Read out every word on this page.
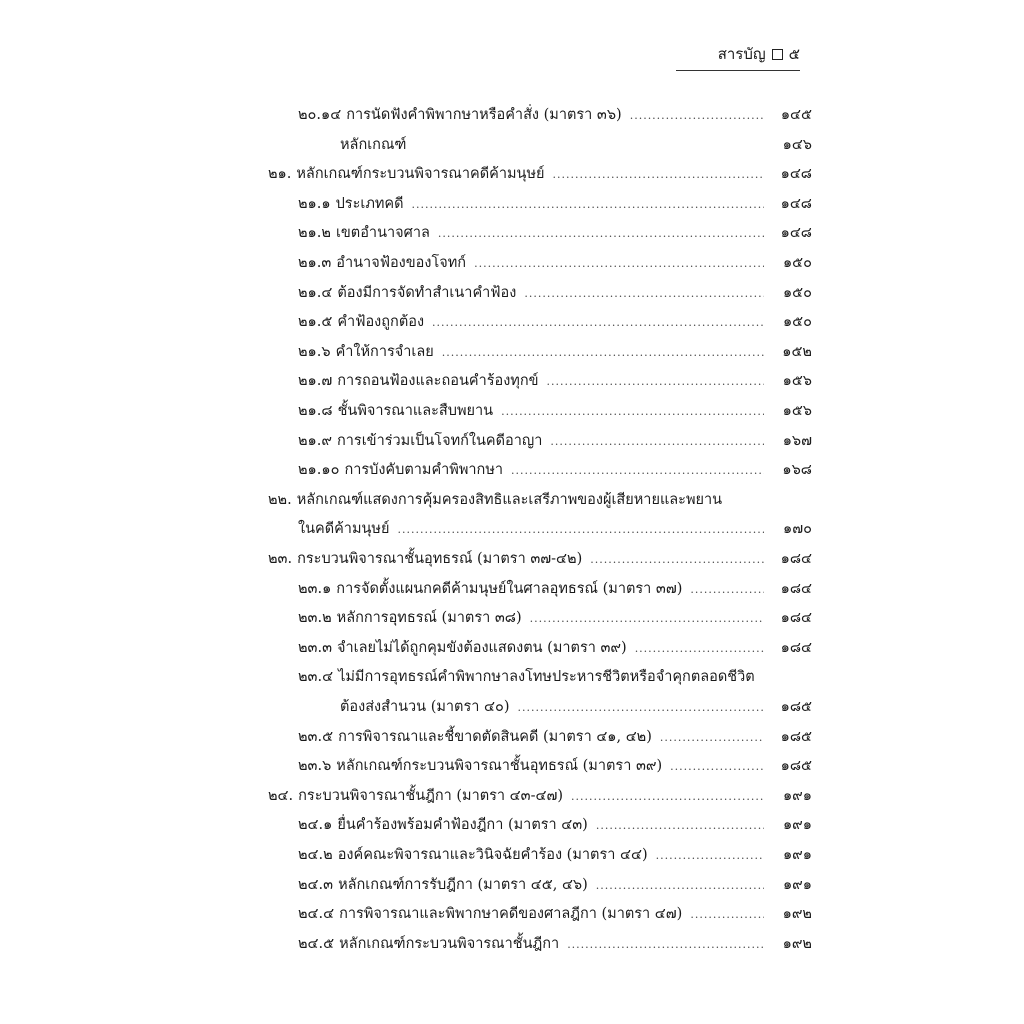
สารบัญ ๕
๒๐.๑๔ การนัดฟังคำพิพากษาหรือคำสั่ง (มาตรา ๓๖) .....	๑๔๕
หลักเกณฑ์	๑๔๖
๒๑. หลักเกณฑ์กระบวนพิจารณาคดีค้ามนุษย์ .....	๑๔๘
๒๑.๑ ประเภทคดี .....	๑๔๘
๒๑.๒ เขตอำนาจศาล .....	๑๔๘
๒๑.๓ อำนาจฟ้องของโจทก์ .....	๑๕๐
๒๑.๔ ต้องมีการจัดทำสำเนาคำฟ้อง .....	๑๕๐
๒๑.๕ คำฟ้องถูกต้อง .....	๑๕๐
๒๑.๖ คำให้การจำเลย .....	๑๕๒
๒๑.๗ การถอนฟ้องและถอนคำร้องทุกข์ .....	๑๕๖
๒๑.๘ ชั้นพิจารณาและสืบพยาน .....	๑๕๖
๒๑.๙ การเข้าร่วมเป็นโจทก์ในคดีอาญา .....	๑๖๗
๒๑.๑๐ การบังคับตามคำพิพากษา .....	๑๖๘
๒๒. หลักเกณฑ์แสดงการคุ้มครองสิทธิและเสรีภาพของผู้เสียหายและพยาน
ในคดีค้ามนุษย์ .....	๑๗๐
๒๓. กระบวนพิจารณาชั้นอุทธรณ์ (มาตรา ๓๗-๔๒) .....	๑๘๔
๒๓.๑ การจัดตั้งแผนกคดีค้ามนุษย์ในศาลอุทธรณ์ (มาตรา ๓๗) .....	๑๘๔
๒๓.๒ หลักการอุทธรณ์ (มาตรา ๓๘) .....	๑๘๔
๒๓.๓ จำเลยไม่ได้ถูกคุมขังต้องแสดงตน (มาตรา ๓๙) .....	๑๘๔
๒๓.๔ ไม่มีการอุทธรณ์คำพิพากษาลงโทษประหารชีวิตหรือจำคุกตลอดชีวิต
ต้องส่งสำนวน (มาตรา ๔๐) .....	๑๘๕
๒๓.๕ การพิจารณาและชี้ขาดตัดสินคดี (มาตรา ๔๑, ๔๒) .....	๑๘๕
๒๓.๖ หลักเกณฑ์กระบวนพิจารณาชั้นอุทธรณ์ (มาตรา ๓๙) .....	๑๘๕
๒๔. กระบวนพิจารณาชั้นฎีกา (มาตรา ๔๓-๔๗) .....	๑๙๑
๒๔.๑ ยื่นคำร้องพร้อมคำฟ้องฎีกา (มาตรา ๔๓) .....	๑๙๑
๒๔.๒ องค์คณะพิจารณาและวินิจฉัยคำร้อง (มาตรา ๔๔) .....	๑๙๑
๒๔.๓ หลักเกณฑ์การรับฎีกา (มาตรา ๔๕, ๔๖) .....	๑๙๑
๒๔.๔ การพิจารณาและพิพากษาคดีของศาลฎีกา (มาตรา ๔๗) .....	๑๙๒
๒๔.๕ หลักเกณฑ์กระบวนพิจารณาชั้นฎีกา .....	๑๙๒
